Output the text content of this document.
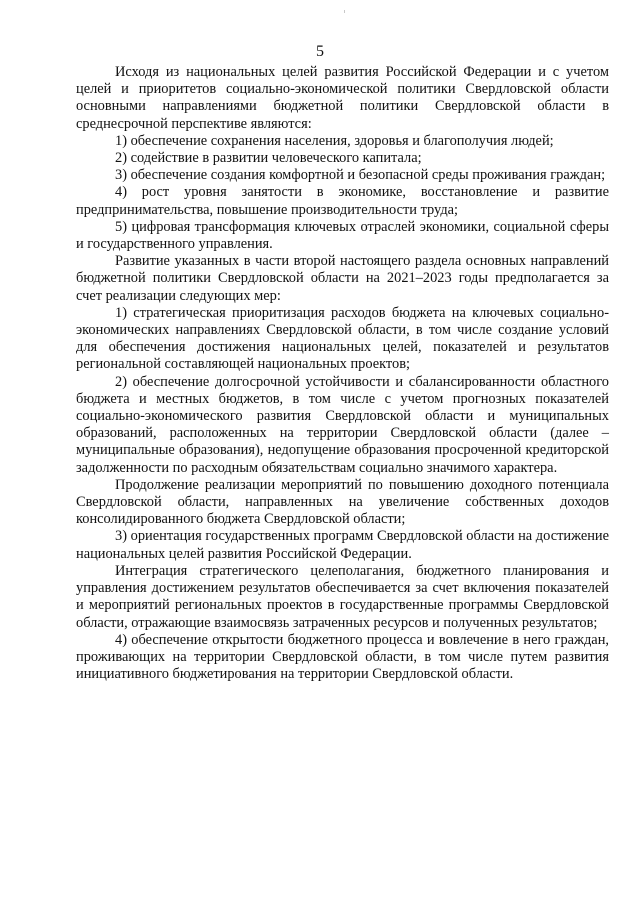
5

Исходя из национальных целей развития Российской Федерации и с учетом целей и приоритетов социально-экономической политики Свердловской области основными направлениями бюджетной политики Свердловской области в среднесрочной перспективе являются:

1) обеспечение сохранения населения, здоровья и благополучия людей;

2) содействие в развитии человеческого капитала;

3) обеспечение создания комфортной и безопасной среды проживания граждан;

4) рост уровня занятости в экономике, восстановление и развитие предпринимательства, повышение производительности труда;

5) цифровая трансформация ключевых отраслей экономики, социальной сферы и государственного управления.

Развитие указанных в части второй настоящего раздела основных направлений бюджетной политики Свердловской области на 2021–2023 годы предполагается за счет реализации следующих мер:

1) стратегическая приоритизация расходов бюджета на ключевых социально-экономических направлениях Свердловской области, в том числе создание условий для обеспечения достижения национальных целей, показателей и результатов региональной составляющей национальных проектов;

2) обеспечение долгосрочной устойчивости и сбалансированности областного бюджета и местных бюджетов, в том числе с учетом прогнозных показателей социально-экономического развития Свердловской области и муниципальных образований, расположенных на территории Свердловской области (далее – муниципальные образования), недопущение образования просроченной кредиторской задолженности по расходным обязательствам социально значимого характера.

Продолжение реализации мероприятий по повышению доходного потенциала Свердловской области, направленных на увеличение собственных доходов консолидированного бюджета Свердловской области;

3) ориентация государственных программ Свердловской области на достижение национальных целей развития Российской Федерации.

Интеграция стратегического целеполагания, бюджетного планирования и управления достижением результатов обеспечивается за счет включения показателей и мероприятий региональных проектов в государственные программы Свердловской области, отражающие взаимосвязь затраченных ресурсов и полученных результатов;

4) обеспечение открытости бюджетного процесса и вовлечение в него граждан, проживающих на территории Свердловской области, в том числе путем развития инициативного бюджетирования на территории Свердловской области.
